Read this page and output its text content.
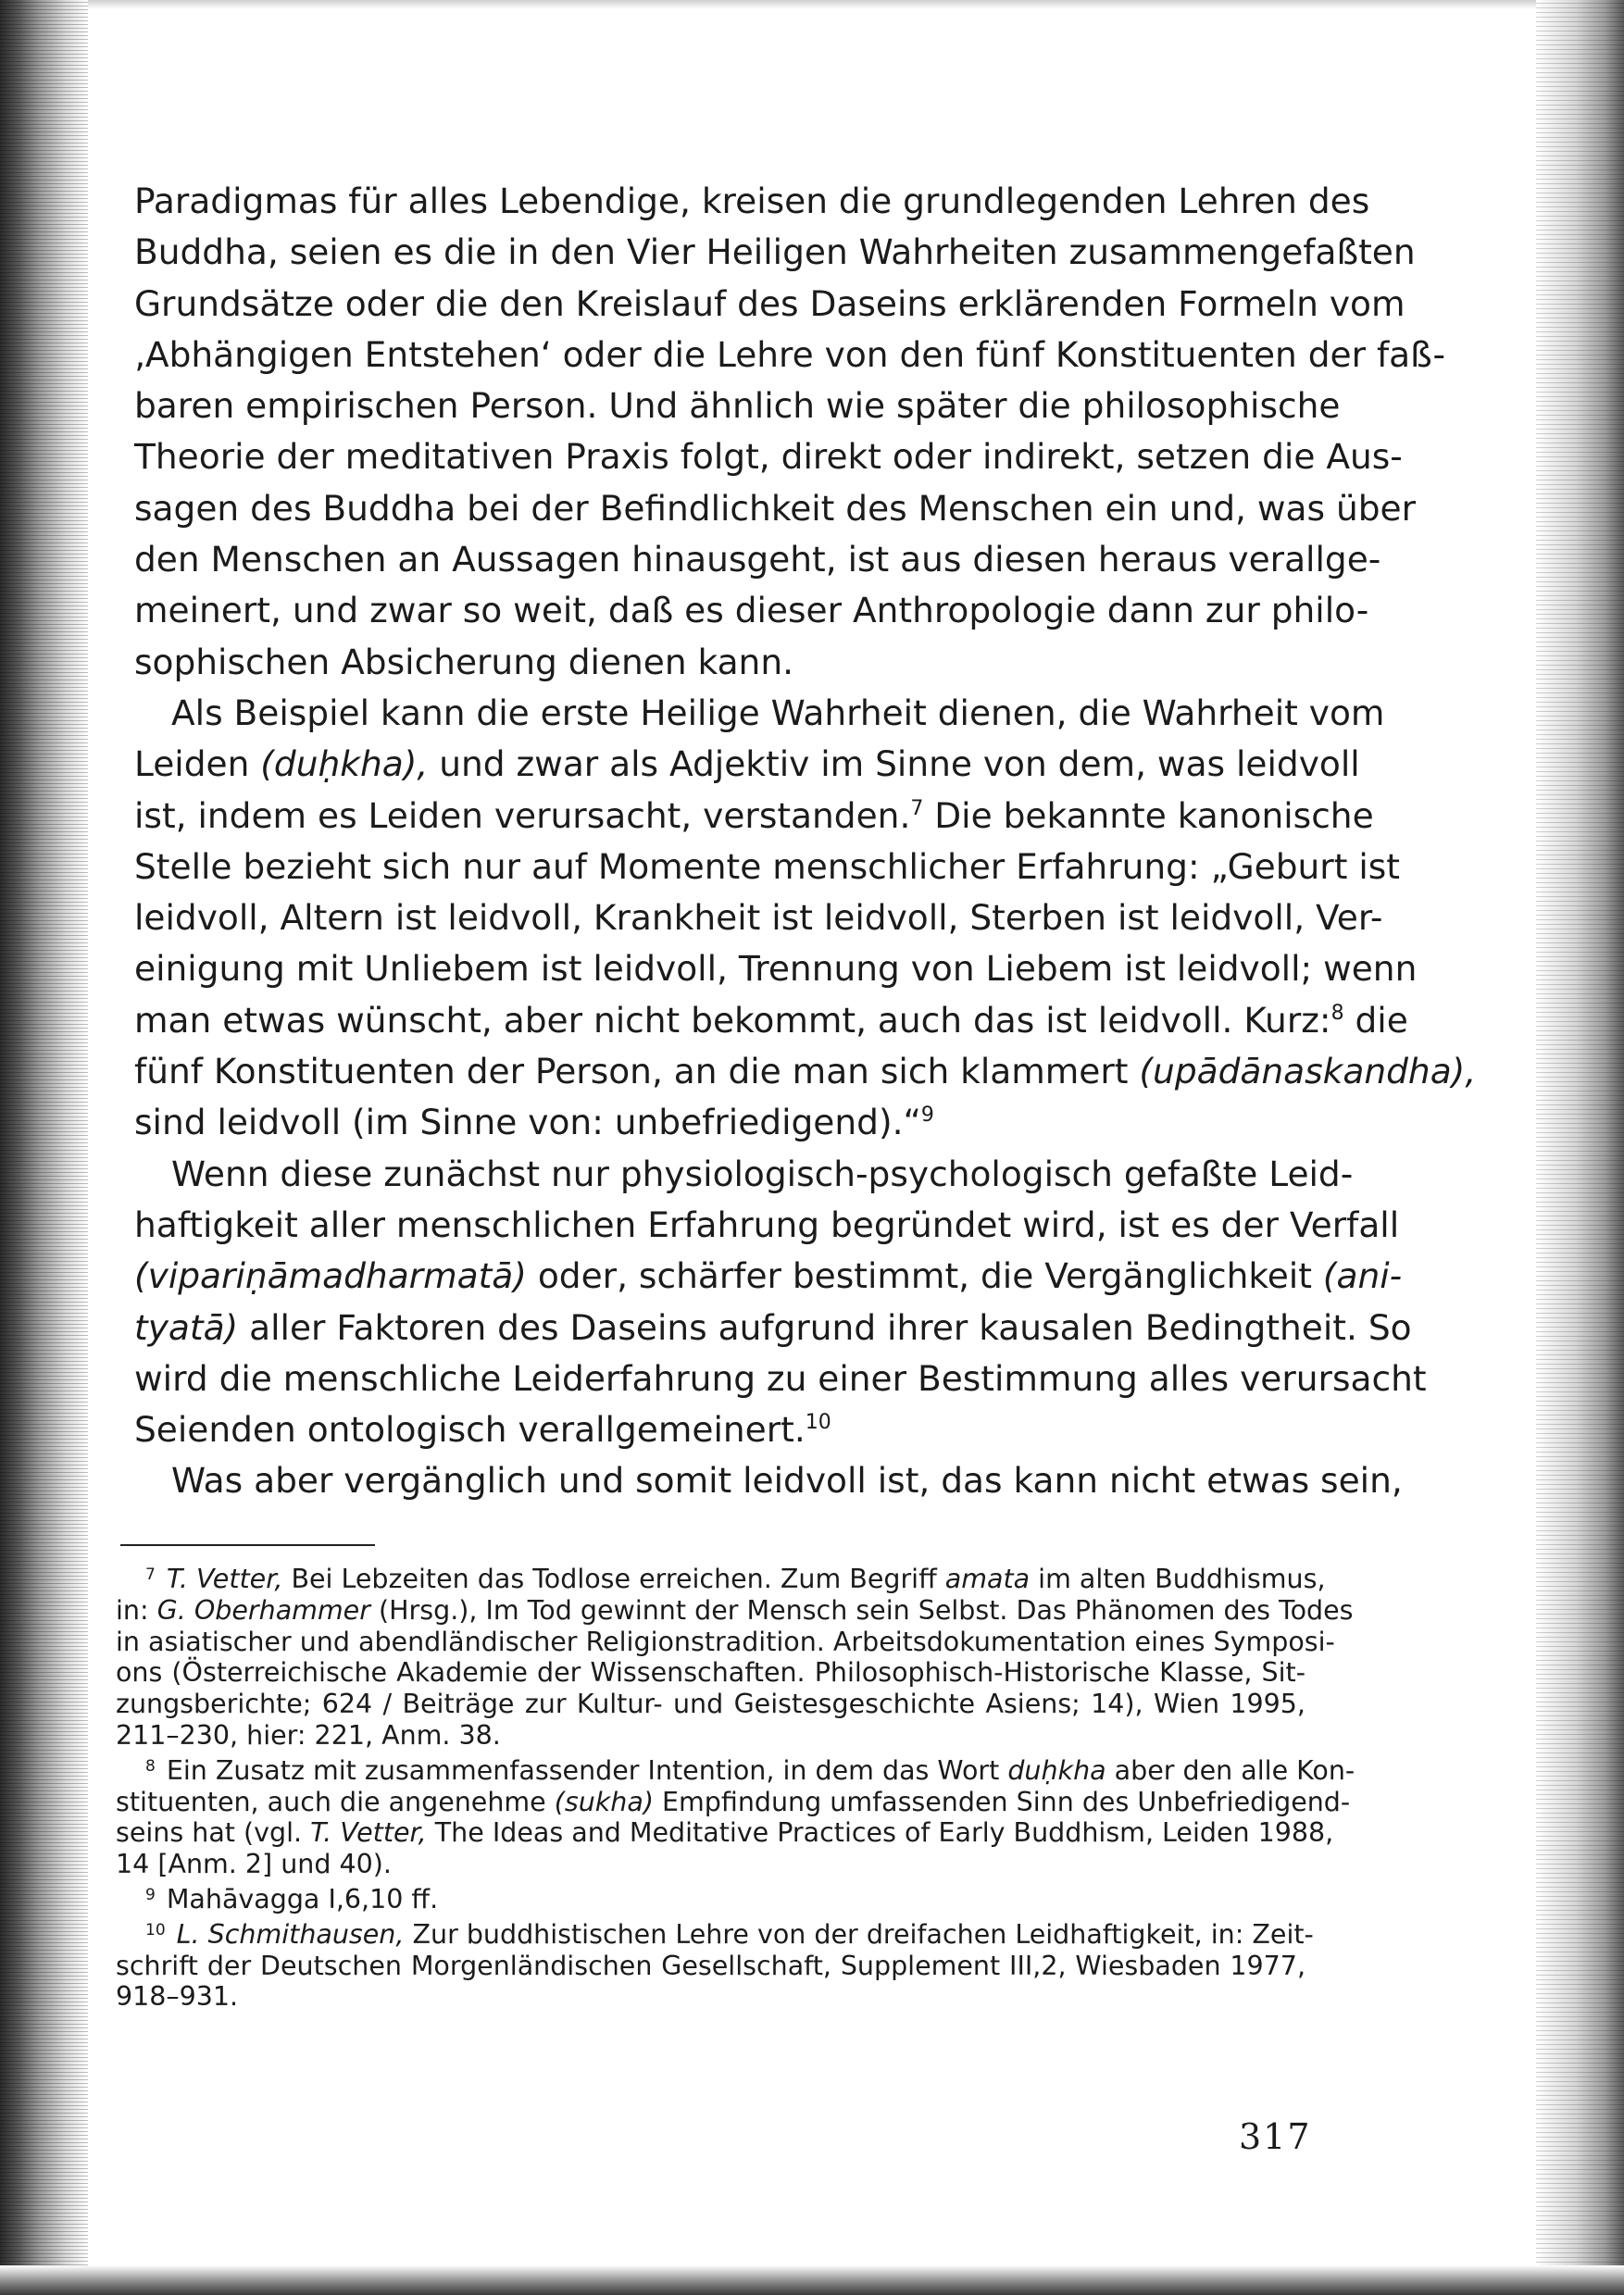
Paradigmas für alles Lebendige, kreisen die grundlegenden Lehren des
Buddha, seien es die in den Vier Heiligen Wahrheiten zusammengefaßten
Grundsätze oder die den Kreislauf des Daseins erklärenden Formeln vom
‚Abhängigen Entstehen‘ oder die Lehre von den fünf Konstituenten der faß-
baren empirischen Person. Und ähnlich wie später die philosophische
Theorie der meditativen Praxis folgt, direkt oder indirekt, setzen die Aus-
sagen des Buddha bei der Befindlichkeit des Menschen ein und, was über
den Menschen an Aussagen hinausgeht, ist aus diesen heraus verallge-
meinert, und zwar so weit, daß es dieser Anthropologie dann zur philo-
sophischen Absicherung dienen kann.

Als Beispiel kann die erste Heilige Wahrheit dienen, die Wahrheit vom
Leiden (duḥkha), und zwar als Adjektiv im Sinne von dem, was leidvoll
ist, indem es Leiden verursacht, verstanden.$^7$ Die bekannte kanonische
Stelle bezieht sich nur auf Momente menschlicher Erfahrung: „Geburt ist
leidvoll, Altern ist leidvoll, Krankheit ist leidvoll, Sterben ist leidvoll, Ver-
einigung mit Unliebem ist leidvoll, Trennung von Liebem ist leidvoll; wenn
man etwas wünscht, aber nicht bekommt, auch das ist leidvoll. Kurz:$^8$ die
fünf Konstituenten der Person, an die man sich klammert (upādānaskandha),
sind leidvoll (im Sinne von: unbefriedigend).“$^9$

Wenn diese zunächst nur physiologisch-psychologisch gefaßte Leid-
haftigkeit aller menschlichen Erfahrung begründet wird, ist es der Verfall
(vipariṇāmadharmatā) oder, schärfer bestimmt, die Vergänglichkeit (ani-
tyatā) aller Faktoren des Daseins aufgrund ihrer kausalen Bedingtheit. So
wird die menschliche Leiderfahrung zu einer Bestimmung alles verursacht
Seienden ontologisch verallgemeinert.$^{10}$

Was aber vergänglich und somit leidvoll ist, das kann nicht etwas sein,

$^7$ T. Vetter, Bei Lebzeiten das Todlose erreichen. Zum Begriff amata im alten Buddhismus,
in: G. Oberhammer (Hrsg.), Im Tod gewinnt der Mensch sein Selbst. Das Phänomen des Todes
in asiatischer und abendländischer Religionstradition. Arbeitsdokumentation eines Symposi-
ons (Österreichische Akademie der Wissenschaften. Philosophisch-Historische Klasse, Sit-
zungsberichte; 624 / Beiträge zur Kultur- und Geistesgeschichte Asiens; 14), Wien 1995,
211–230, hier: 221, Anm. 38.
$^8$ Ein Zusatz mit zusammenfassender Intention, in dem das Wort duḥkha aber den alle Kon-
stituenten, auch die angenehme (sukha) Empfindung umfassenden Sinn des Unbefriedigend-
seins hat (vgl. T. Vetter, The Ideas and Meditative Practices of Early Buddhism, Leiden 1988,
14 [Anm. 2] und 40).
$^9$ Mahāvagga I,6,10 ff.
$^{10}$ L. Schmithausen, Zur buddhistischen Lehre von der dreifachen Leidhaftigkeit, in: Zeit-
schrift der Deutschen Morgenländischen Gesellschaft, Supplement III,2, Wiesbaden 1977,
918–931.
317
